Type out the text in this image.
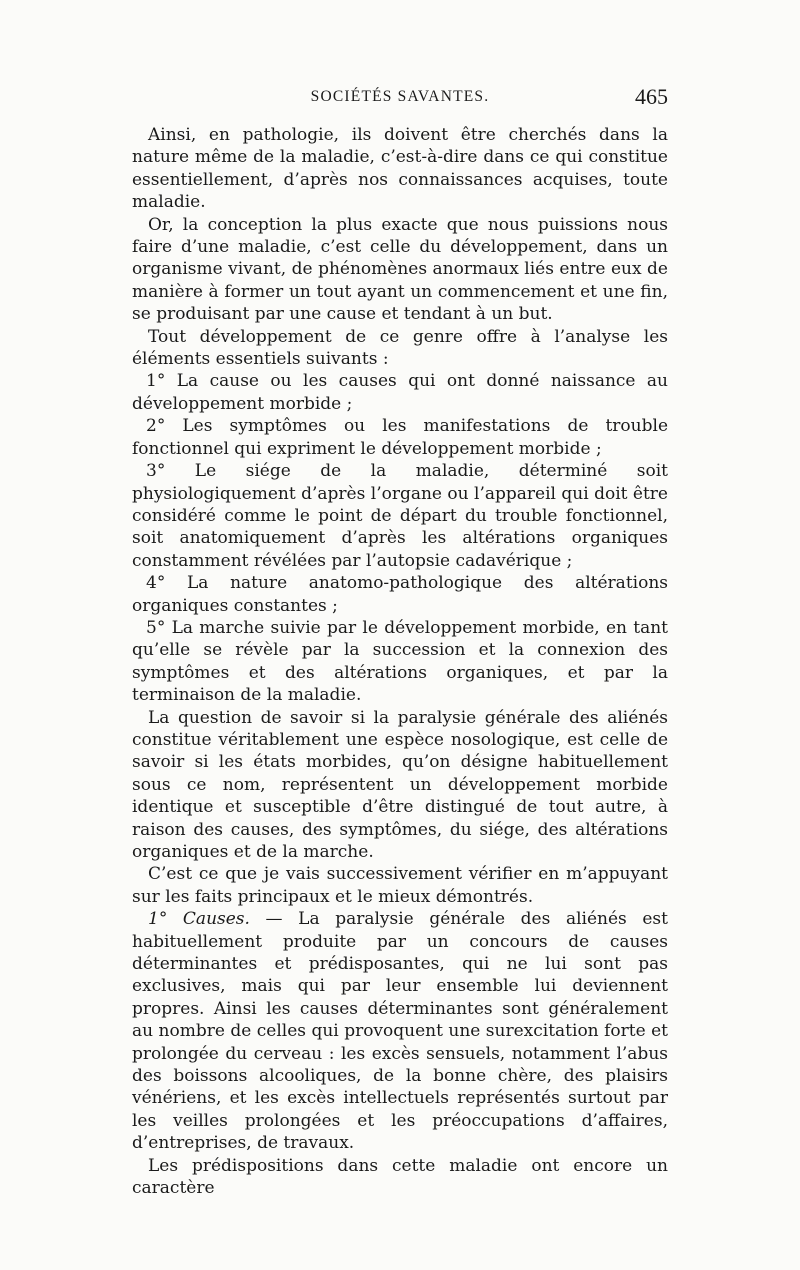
SOCIÉTÉS SAVANTES.	465

Ainsi, en pathologie, ils doivent être cherchés dans la nature même de la maladie, c’est-à-dire dans ce qui constitue essentiellement, d’après nos connaissances acquises, toute maladie.

Or, la conception la plus exacte que nous puissions nous faire d’une maladie, c’est celle du développement, dans un organisme vivant, de phénomènes anormaux liés entre eux de manière à former un tout ayant un commencement et une fin, se produisant par une cause et tendant à un but.

Tout développement de ce genre offre à l’analyse les éléments essentiels suivants :

1° La cause ou les causes qui ont donné naissance au développement morbide ;

2° Les symptômes ou les manifestations de trouble fonctionnel qui expriment le développement morbide ;

3° Le siége de la maladie, déterminé soit physiologiquement d’après l’organe ou l’appareil qui doit être considéré comme le point de départ du trouble fonctionnel, soit anatomiquement d’après les altérations organiques constamment révélées par l’autopsie cadavérique ;

4° La nature anatomo-pathologique des altérations organiques constantes ;

5° La marche suivie par le développement morbide, en tant qu’elle se révèle par la succession et la connexion des symptômes et des altérations organiques, et par la terminaison de la maladie.

La question de savoir si la paralysie générale des aliénés constitue véritablement une espèce nosologique, est celle de savoir si les états morbides, qu’on désigne habituellement sous ce nom, représentent un développement morbide identique et susceptible d’être distingué de tout autre, à raison des causes, des symptômes, du siége, des altérations organiques et de la marche.

C’est ce que je vais successivement vérifier en m’appuyant sur les faits principaux et le mieux démontrés.

1° Causes. — La paralysie générale des aliénés est habituellement produite par un concours de causes déterminantes et prédisposantes, qui ne lui sont pas exclusives, mais qui par leur ensemble lui deviennent propres. Ainsi les causes déterminantes sont généralement au nombre de celles qui provoquent une surexcitation forte et prolongée du cerveau : les excès sensuels, notamment l’abus des boissons alcooliques, de la bonne chère, des plaisirs vénériens, et les excès intellectuels représentés surtout par les veilles prolongées et les préoccupations d’affaires, d’entreprises, de travaux.

Les prédispositions dans cette maladie ont encore un caractère
